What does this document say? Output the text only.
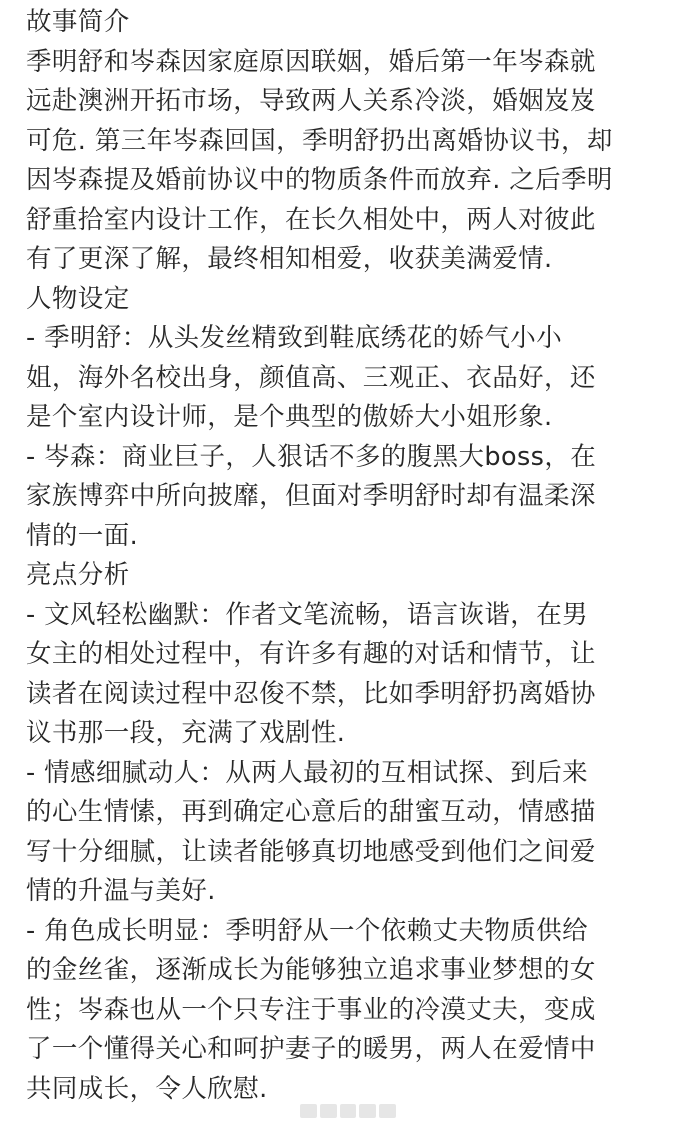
故事简介
季明舒和岑森因家庭原因联姻，婚后第一年岑森就
远赴澳洲开拓市场，导致两人关系冷淡，婚姻岌岌
可危. 第三年岑森回国，季明舒扔出离婚协议书，却
因岑森提及婚前协议中的物质条件而放弃. 之后季明
舒重拾室内设计工作，在长久相处中，两人对彼此
有了更深了解，最终相知相爱，收获美满爱情.
人物设定
- 季明舒：从头发丝精致到鞋底绣花的娇气小小
姐，海外名校出身，颜值高、三观正、衣品好，还
是个室内设计师，是个典型的傲娇大小姐形象.
- 岑森：商业巨子，人狠话不多的腹黑大boss，在
家族博弈中所向披靡，但面对季明舒时却有温柔深
情的一面.
亮点分析
- 文风轻松幽默：作者文笔流畅，语言诙谐，在男
女主的相处过程中，有许多有趣的对话和情节，让
读者在阅读过程中忍俊不禁，比如季明舒扔离婚协
议书那一段，充满了戏剧性.
- 情感细腻动人：从两人最初的互相试探、到后来
的心生情愫，再到确定心意后的甜蜜互动，情感描
写十分细腻，让读者能够真切地感受到他们之间爱
情的升温与美好.
- 角色成长明显：季明舒从一个依赖丈夫物质供给
的金丝雀，逐渐成长为能够独立追求事业梦想的女
性；岑森也从一个只专注于事业的冷漠丈夫，变成
了一个懂得关心和呵护妻子的暖男，两人在爱情中
共同成长，令人欣慰.
